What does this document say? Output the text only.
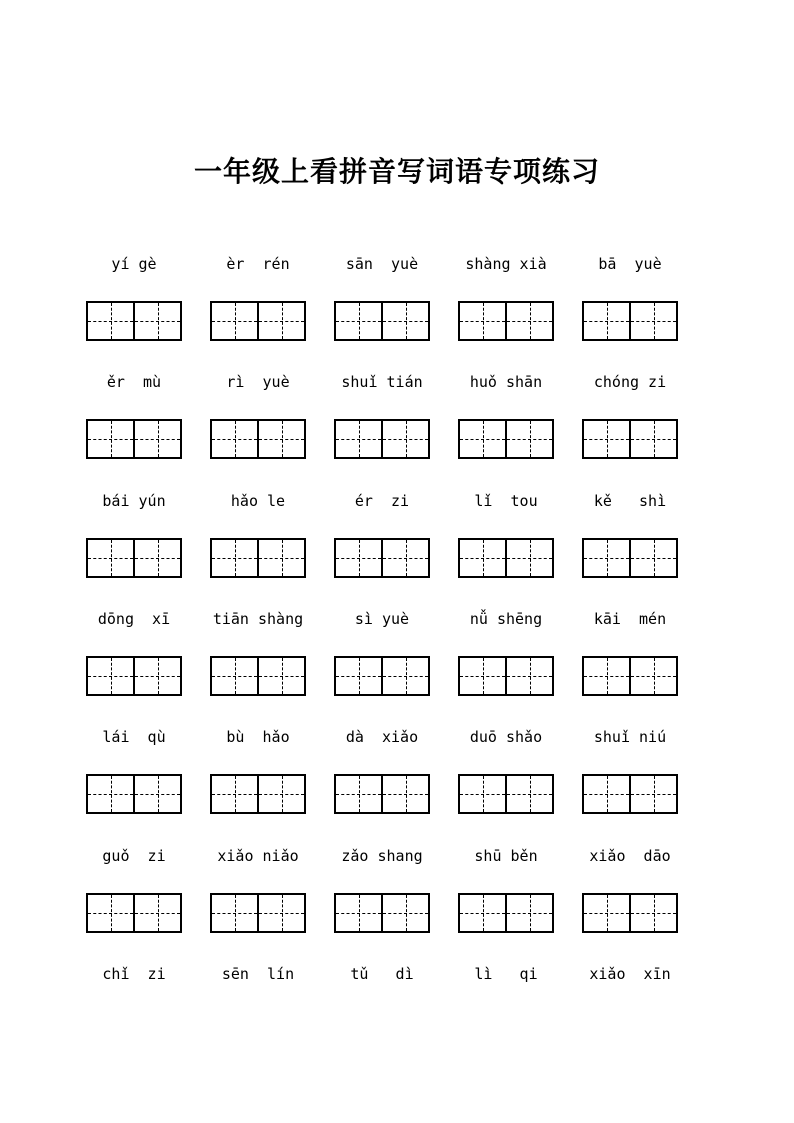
一年级上看拼音写词语专项练习
yí gè	èr  rén	sān  yuè	shàng xià	bā  yuè
ěr  mù	rì  yuè	shuǐ tián	huǒ shān	chóng zi
bái yún	hǎo le	ér  zi	lǐ  tou	kě   shì
dōng  xī	tiān shàng	sì yuè	nǚ shēng	kāi  mén
lái  qù	bù  hǎo	dà  xiǎo	duō shǎo	shuǐ niú
guǒ  zi	xiǎo niǎo	zǎo shang	shū běn	xiǎo  dāo
chǐ  zi	sēn  lín	tǔ   dì	lì   qi	xiǎo  xīn
